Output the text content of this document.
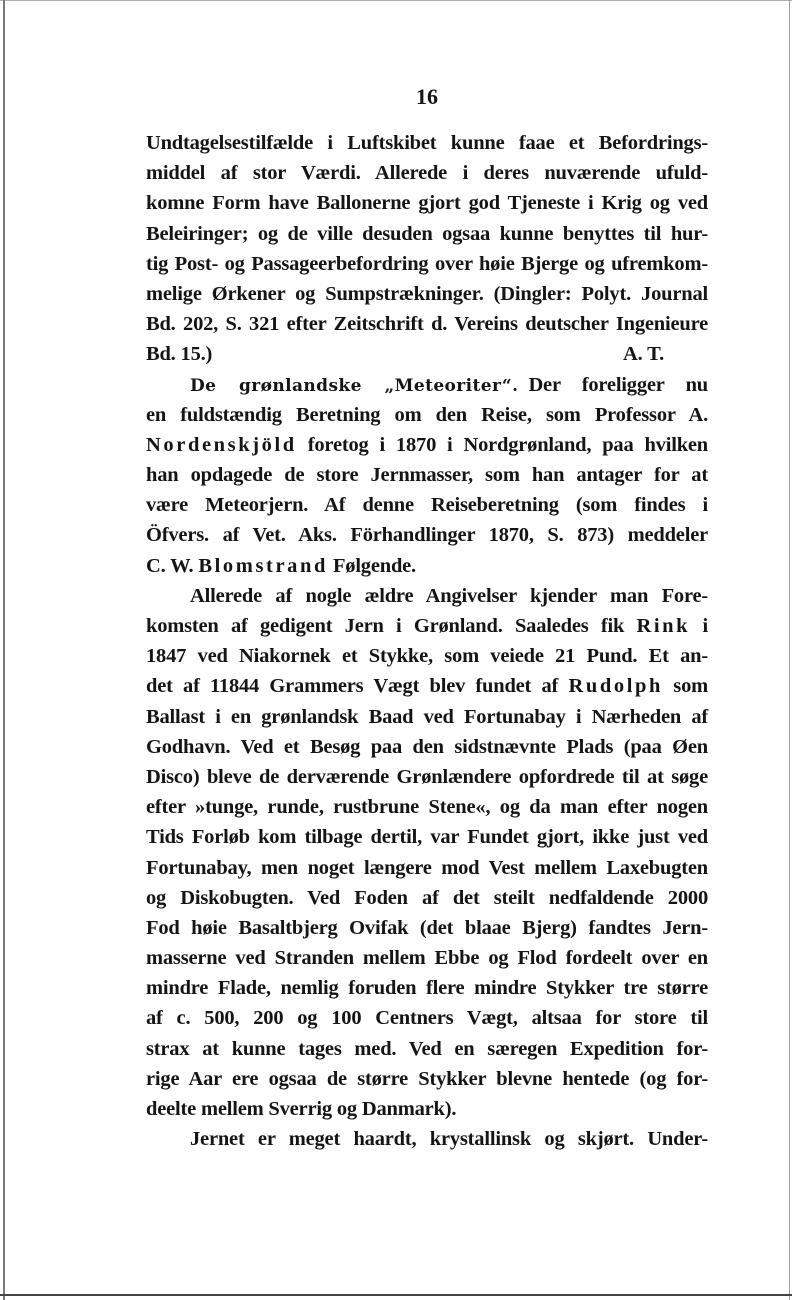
16
Undtagelsestilfælde i Luftskibet kunne faae et Befordrings-
middel af stor Værdi. Allerede i deres nuværende ufuld-
komne Form have Ballonerne gjort god Tjeneste i Krig og ved
Beleiringer; og de ville desuden ogsaa kunne benyttes til hur-
tig Post- og Passageerbefordring over høie Bjerge og ufremkom-
melige Ørkener og Sumpstrækninger. (Dingler: Polyt. Journal
Bd. 202, S. 321 efter Zeitschrift d. Vereins deutscher Ingenieure
Bd. 15.)	A. T.
De grønlandske „Meteoriter“. Der foreligger nu
en fuldstændig Beretning om den Reise, som Professor A.
Nordenskjöld foretog i 1870 i Nordgrønland, paa hvilken
han opdagede de store Jernmasser, som han antager for at
være Meteorjern. Af denne Reiseberetning (som findes i
Öfvers. af Vet. Aks. Förhandlinger 1870, S. 873) meddeler
C. W. Blomstrand Følgende.
Allerede af nogle ældre Angivelser kjender man Fore-
komsten af gedigent Jern i Grønland. Saaledes fik Rink i
1847 ved Niakornek et Stykke, som veiede 21 Pund. Et an-
det af 11844 Grammers Vægt blev fundet af Rudolph som
Ballast i en grønlandsk Baad ved Fortunabay i Nærheden af
Godhavn. Ved et Besøg paa den sidstnævnte Plads (paa Øen
Disco) bleve de derværende Grønlændere opfordrede til at søge
efter »tunge, runde, rustbrune Stene«, og da man efter nogen
Tids Forløb kom tilbage dertil, var Fundet gjort, ikke just ved
Fortunabay, men noget længere mod Vest mellem Laxebugten
og Diskobugten. Ved Foden af det steilt nedfaldende 2000
Fod høie Basaltbjerg Ovifak (det blaae Bjerg) fandtes Jern-
masserne ved Stranden mellem Ebbe og Flod fordeelt over en
mindre Flade, nemlig foruden flere mindre Stykker tre større
af c. 500, 200 og 100 Centners Vægt, altsaa for store til
strax at kunne tages med. Ved en særegen Expedition for-
rige Aar ere ogsaa de større Stykker blevne hentede (og for-
deelte mellem Sverrig og Danmark).
Jernet er meget haardt, krystallinsk og skjørt. Under-
